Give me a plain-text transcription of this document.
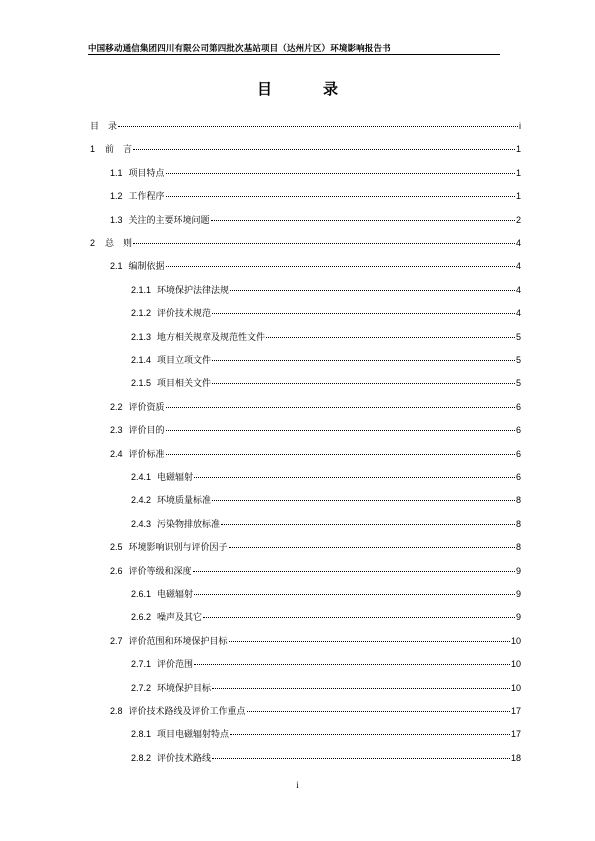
中国移动通信集团四川有限公司第四批次基站项目（达州片区）环境影响报告书
目　录
目　录	i
1 前　言	1
1.1 项目特点	1
1.2 工作程序	1
1.3 关注的主要环境问题	2
2 总　则	4
2.1 编制依据	4
2.1.1 环境保护法律法规	4
2.1.2 评价技术规范	4
2.1.3 地方相关规章及规范性文件	5
2.1.4 项目立项文件	5
2.1.5 项目相关文件	5
2.2 评价资质	6
2.3 评价目的	6
2.4 评价标准	6
2.4.1 电磁辐射	6
2.4.2 环境质量标准	8
2.4.3 污染物排放标准	8
2.5 环境影响识别与评价因子	8
2.6 评价等级和深度	9
2.6.1 电磁辐射	9
2.6.2 噪声及其它	9
2.7 评价范围和环境保护目标	10
2.7.1 评价范围	10
2.7.2 环境保护目标	10
2.8 评价技术路线及评价工作重点	17
2.8.1 项目电磁辐射特点	17
2.8.2 评价技术路线	18
i
